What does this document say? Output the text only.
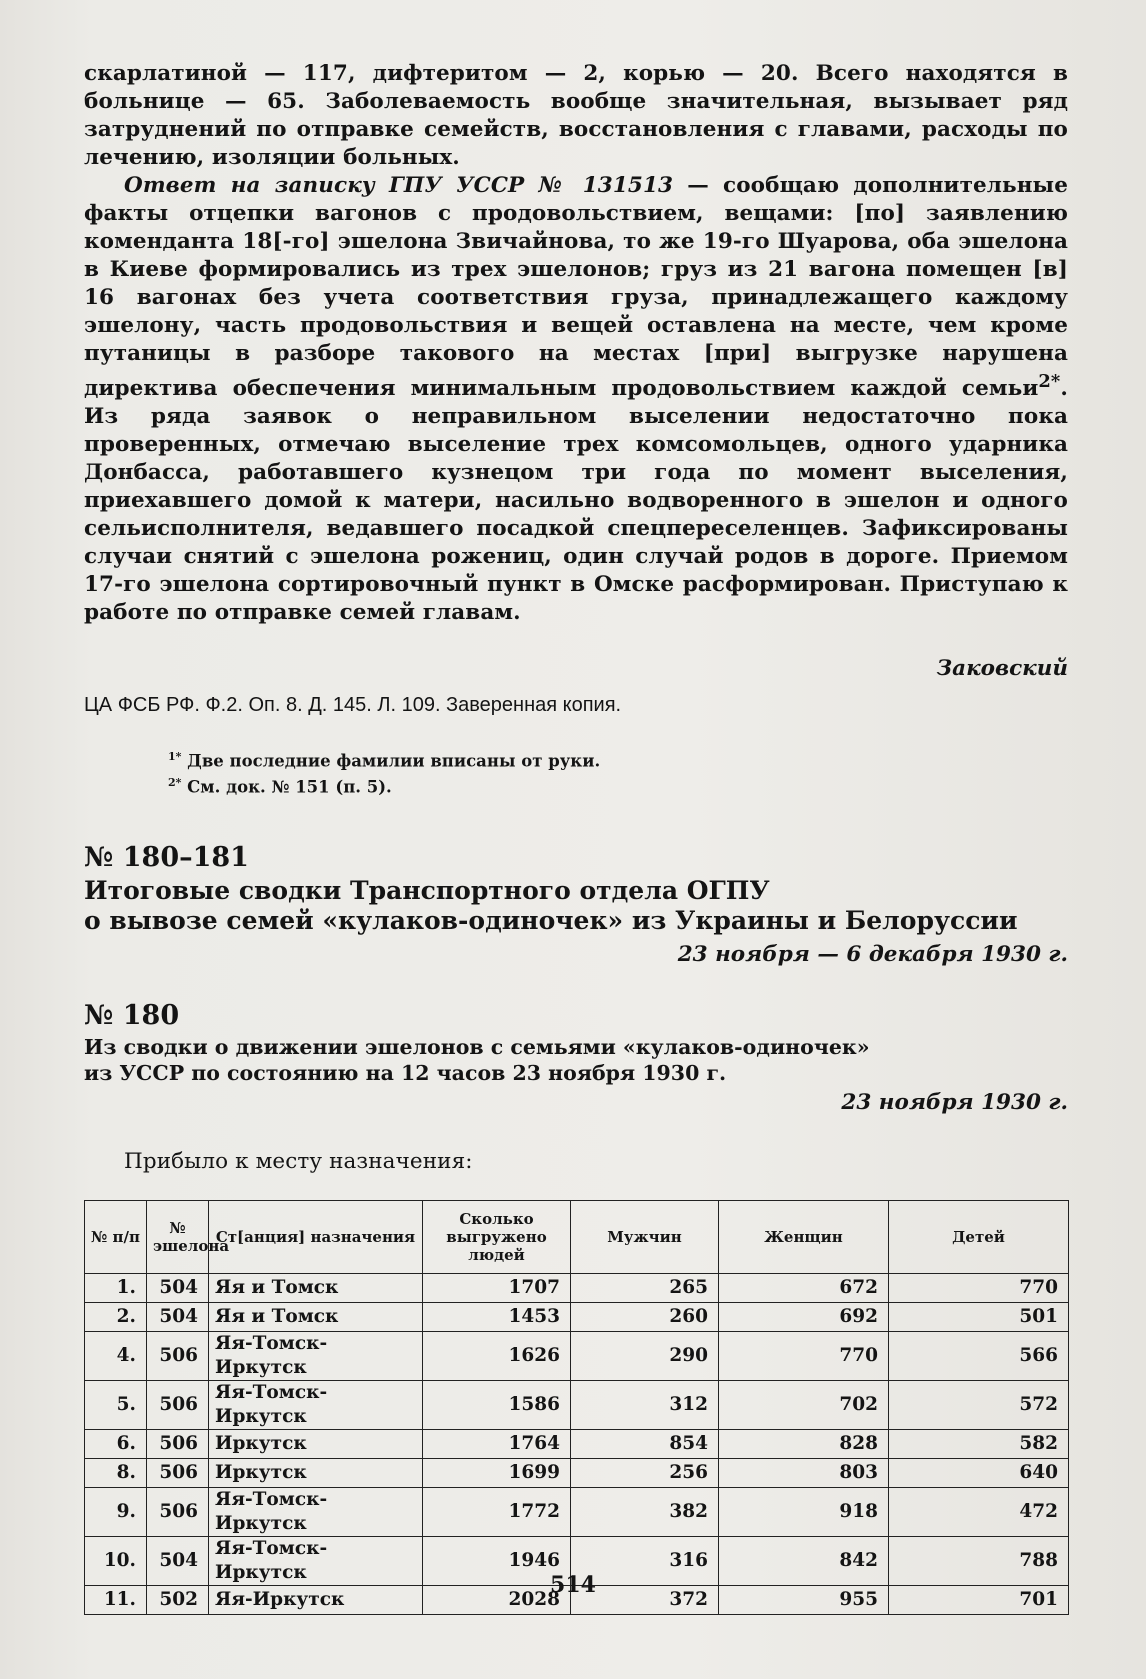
скарлатиной — 117, дифтеритом — 2, корью — 20. Всего находятся в больнице — 65. Заболеваемость вообще значительная, вызывает ряд затруднений по отправке семейств, восстановления с главами, расходы по лечению, изоляции больных.

Ответ на записку ГПУ УССР № 131513 — сообщаю дополнительные факты отцепки вагонов с продовольствием, вещами: [по] заявлению коменданта 18[-го] эшелона Звичайнова, то же 19-го Шуарова, оба эшелона в Киеве формировались из трех эшелонов; груз из 21 вагона помещен [в] 16 вагонах без учета соответствия груза, принадлежащего каждому эшелону, часть продовольствия и вещей оставлена на месте, чем кроме путаницы в разборе такового на местах [при] выгрузке нарушена директива обеспечения минимальным продовольствием каждой семьи$^{2*}$. Из ряда заявок о неправильном выселении недостаточно пока проверенных, отмечаю выселение трех комсомольцев, одного ударника Донбасса, работавшего кузнецом три года по момент выселения, приехавшего домой к матери, насильно водворенного в эшелон и одного сельисполнителя, ведавшего посадкой спецпереселенцев. Зафиксированы случаи снятий с эшелона рожениц, один случай родов в дороге. Приемом 17-го эшелона сортировочный пункт в Омске расформирован. Приступаю к работе по отправке семей главам.

Заковский

ЦА ФСБ РФ. Ф.2. Оп. 8. Д. 145. Л. 109. Заверенная копия.

$^{1*}$ Две последние фамилии вписаны от руки.

$^{2*}$ См. док. № 151 (п. 5).

№ 180–181

Итоговые сводки Транспортного отдела ОГПУ

о вывозе семей «кулаков-одиночек» из Украины и Белоруссии

23 ноября — 6 декабря 1930 г.

№ 180

Из сводки о движении эшелонов с семьями «кулаков-одиночек»

из УССР по состоянию на 12 часов 23 ноября 1930 г.

23 ноября 1930 г.

Прибыло к месту назначения:

№ п/п	№ эшелона	Ст[анция] назначения	Сколько выгружено людей	Мужчин	Женщин	Детей
1.	504	Яя и Томск	1707	265	672	770
2.	504	Яя и Томск	1453	260	692	501
4.	506	Яя-Томск-Иркутск	1626	290	770	566
5.	506	Яя-Томск-Иркутск	1586	312	702	572
6.	506	Иркутск	1764	854	828	582
8.	506	Иркутск	1699	256	803	640
9.	506	Яя-Томск-Иркутск	1772	382	918	472
10.	504	Яя-Томск-Иркутск	1946	316	842	788
11.	502	Яя-Иркутск	2028	372	955	701
514
